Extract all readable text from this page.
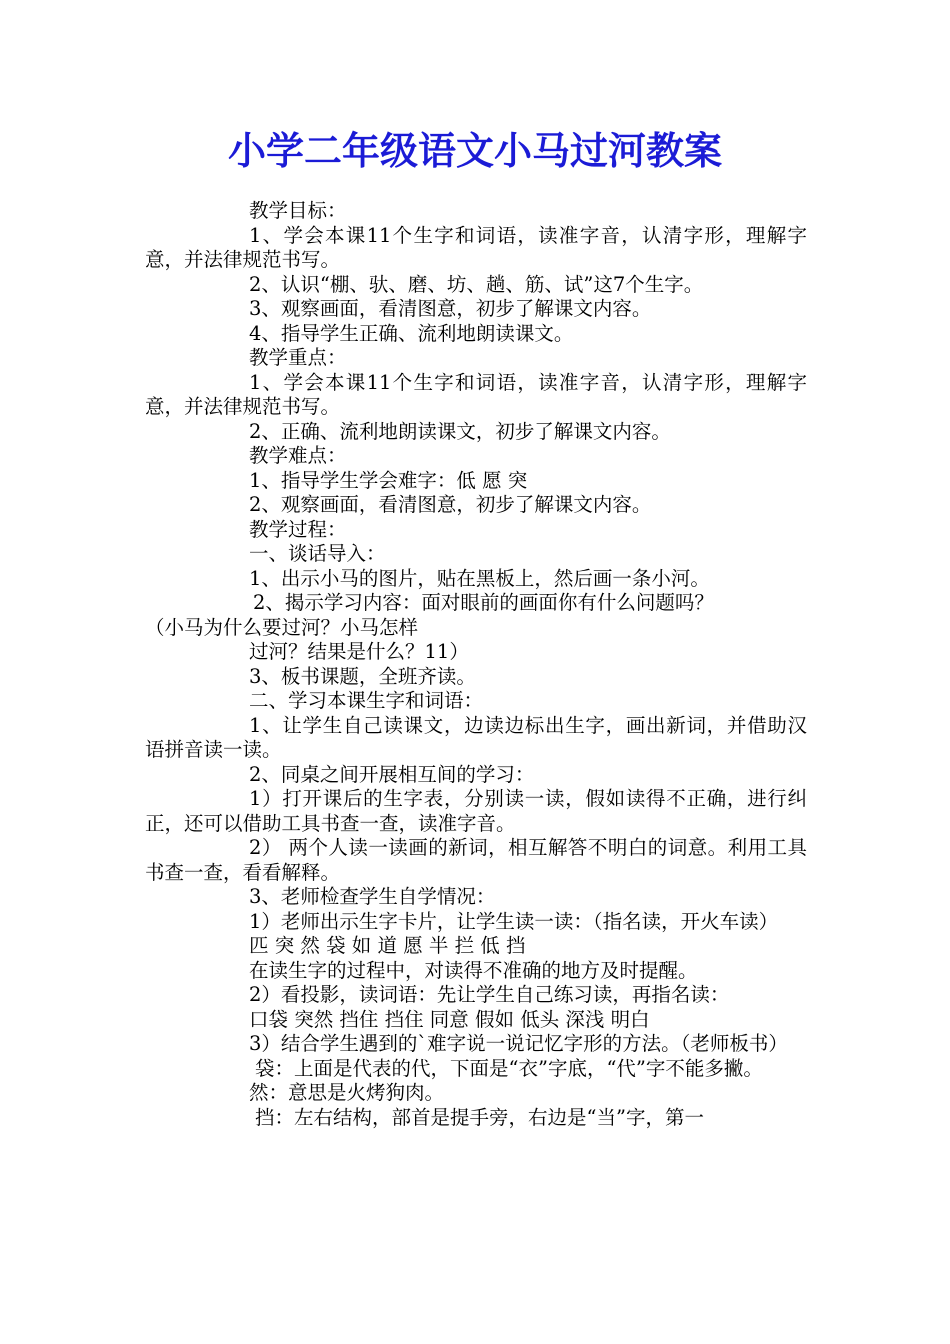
小学二年级语文小马过河教案

教学目标：

1、学会本课11个生字和词语，读准字音，认清字形，理解字意，并法律规范书写。

2、认识“棚、驮、磨、坊、趟、筋、试”这7个生字。

3、观察画面，看清图意，初步了解课文内容。

4、指导学生正确、流利地朗读课文。

教学重点：

1、学会本课11个生字和词语，读准字音，认清字形，理解字意，并法律规范书写。

2、正确、流利地朗读课文，初步了解课文内容。

教学难点：

1、指导学生学会难字：低 愿 突

2、观察画面，看清图意，初步了解课文内容。

教学过程：

一、谈话导入：

1、出示小马的图片，贴在黑板上，然后画一条小河。

2、揭示学习内容：面对眼前的画面你有什么问题吗？

（小马为什么要过河？小马怎样

过河？结果是什么？11）

3、板书课题，全班齐读。

二、学习本课生字和词语：

1、让学生自己读课文，边读边标出生字，画出新词，并借助汉语拼音读一读。

2、同桌之间开展相互间的学习：

1）打开课后的生字表，分别读一读，假如读得不正确，进行纠正，还可以借助工具书查一查，读准字音。

2） 两个人读一读画的新词，相互解答不明白的词意。利用工具书查一查，看看解释。

3、老师检查学生自学情况：

1）老师出示生字卡片，让学生读一读：（指名读，开火车读）

匹 突 然 袋 如 道 愿 半 拦 低 挡

在读生字的过程中，对读得不准确的地方及时提醒。

2）看投影，读词语：先让学生自己练习读，再指名读：

口袋 突然 挡住 挡住 同意 假如 低头 深浅 明白

3）结合学生遇到的`难字说一说记忆字形的方法。（老师板书）

袋：上面是代表的代，下面是“衣”字底，“代”字不能多撇。

然：意思是火烤狗肉。

挡：左右结构，部首是提手旁，右边是“当”字，第一
